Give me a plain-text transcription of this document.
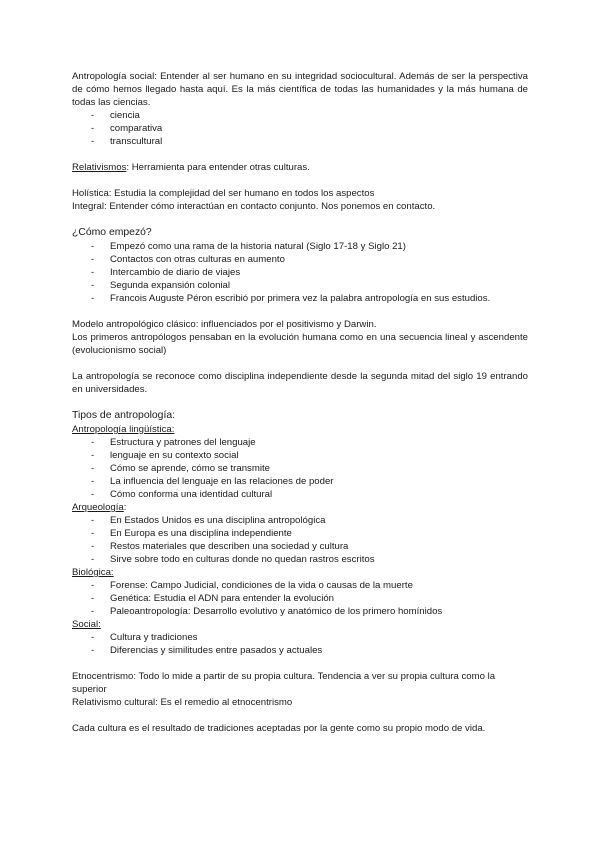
Antropología social: Entender al ser humano en su integridad sociocultural. Además de ser la perspectiva de cómo hemos llegado hasta aquí. Es la más científica de todas las humanidades y la más humana de todas las ciencias.

- ciencia
- comparativa
- transcultural

Relativismos: Herramienta para entender otras culturas.

Holística: Estudia la complejidad del ser humano en todos los aspectos

Integral: Entender cómo interactúan en contacto conjunto. Nos ponemos en contacto.

¿Cómo empezó?

- Empezó como una rama de la historia natural (Siglo 17-18 y Siglo 21)
- Contactos con otras culturas en aumento
- Intercambio de diario de viajes
- Segunda expansión colonial
- Francois Auguste Péron escribió por primera vez la palabra antropología en sus estudios.

Modelo antropológico clásico: influenciados por el positivismo y Darwin.

Los primeros antropólogos pensaban en la evolución humana como en una secuencia lineal y ascendente (evolucionismo social)

La antropología se reconoce como disciplina independiente desde la segunda mitad del siglo 19 entrando en universidades.

Tipos de antropología:

Antropología lingüística:

- Estructura y patrones del lenguaje
- lenguaje en su contexto social
- Cómo se aprende, cómo se transmite
- La influencia del lenguaje en las relaciones de poder
- Cómo conforma una identidad cultural

Arqueología:

- En Estados Unidos es una disciplina antropológica
- En Europa es una disciplina independiente
- Restos materiales que describen una sociedad y cultura
- Sirve sobre todo en culturas donde no quedan rastros escritos

Biológica:

- Forense: Campo Judicial, condiciones de la vida o causas de la muerte
- Genética: Estudia el ADN para entender la evolución
- Paleoantropología: Desarrollo evolutivo y anatómico de los primero homínidos

Social:

- Cultura y tradiciones
- Diferencias y similitudes entre pasados y actuales

Etnocentrismo: Todo lo mide a partir de su propia cultura. Tendencia a ver su propia cultura como la superior

Relativismo cultural: Es el remedio al etnocentrismo

Cada cultura es el resultado de tradiciones aceptadas por la gente como su propio modo de vida.
